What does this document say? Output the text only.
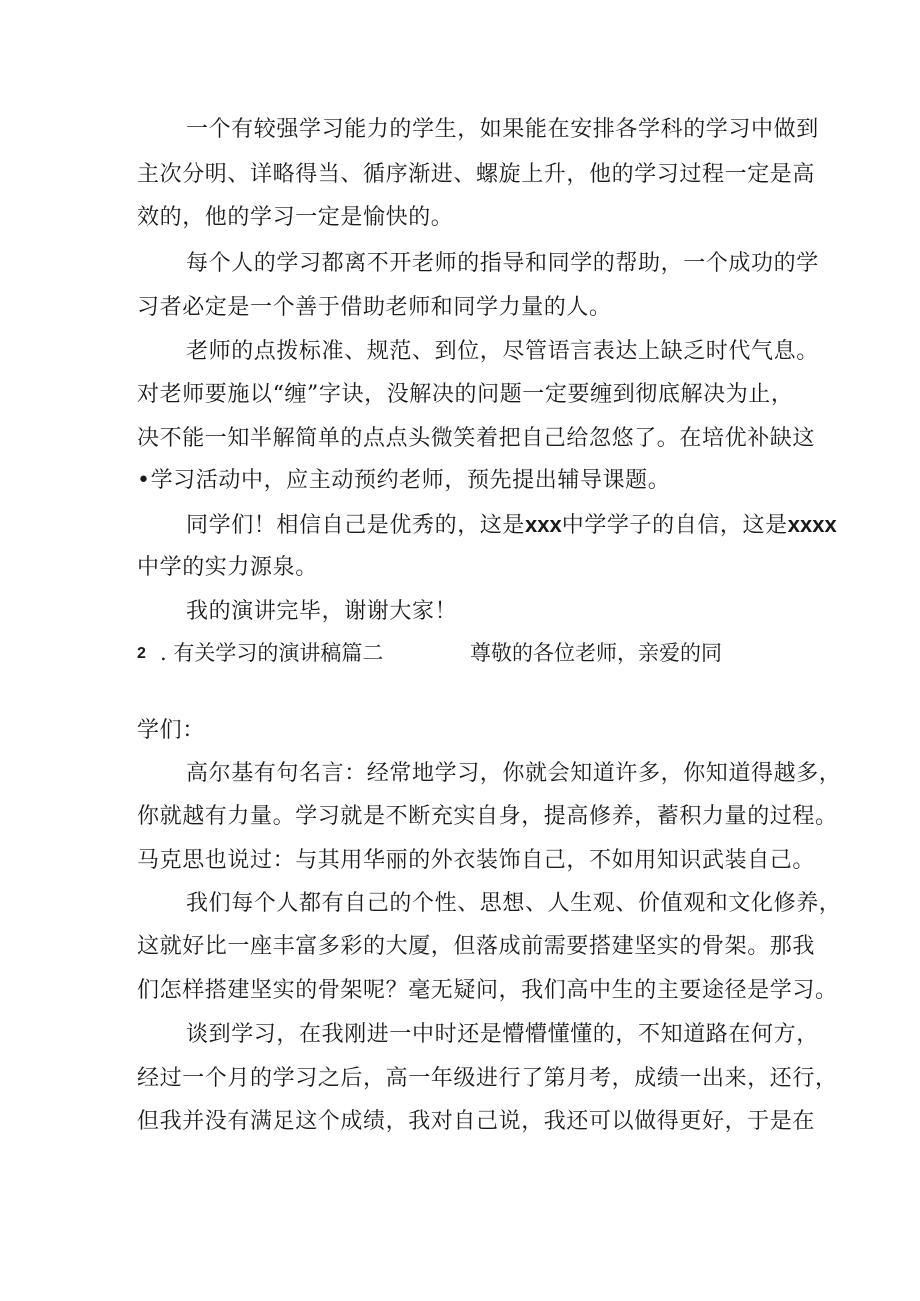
一个有较强学习能力的学生，如果能在安排各学科的学习中做到
主次分明、详略得当、循序渐进、螺旋上升，他的学习过程一定是高
效的，他的学习一定是愉快的。
每个人的学习都离不开老师的指导和同学的帮助，一个成功的学
习者必定是一个善于借助老师和同学力量的人。
老师的点拨标准、规范、到位，尽管语言表达上缺乏时代气息。
对老师要施以“缠”字诀，没解决的问题一定要缠到彻底解决为止，
决不能一知半解简单的点点头微笑着把自己给忽悠了。在培优补缺这
•学习活动中，应主动预约老师，预先提出辅导课题。
同学们！相信自己是优秀的，这是xxx中学学子的自信，这是xxxx
中学的实力源泉。
我的演讲完毕，谢谢大家！
2 . 有关学习的演讲稿篇二	尊敬的各位老师，亲爱的同
学们：
高尔基有句名言：经常地学习，你就会知道许多，你知道得越多，
你就越有力量。学习就是不断充实自身，提高修养，蓄积力量的过程。
马克思也说过：与其用华丽的外衣装饰自己，不如用知识武装自己。
我们每个人都有自己的个性、思想、人生观、价值观和文化修养，
这就好比一座丰富多彩的大厦，但落成前需要搭建坚实的骨架。那我
们怎样搭建坚实的骨架呢？毫无疑问，我们高中生的主要途径是学习。
谈到学习，在我刚进一中时还是懵懵懂懂的，不知道路在何方，
经过一个月的学习之后，高一年级进行了第月考，成绩一出来，还行，
但我并没有满足这个成绩，我对自己说，我还可以做得更好，于是在
